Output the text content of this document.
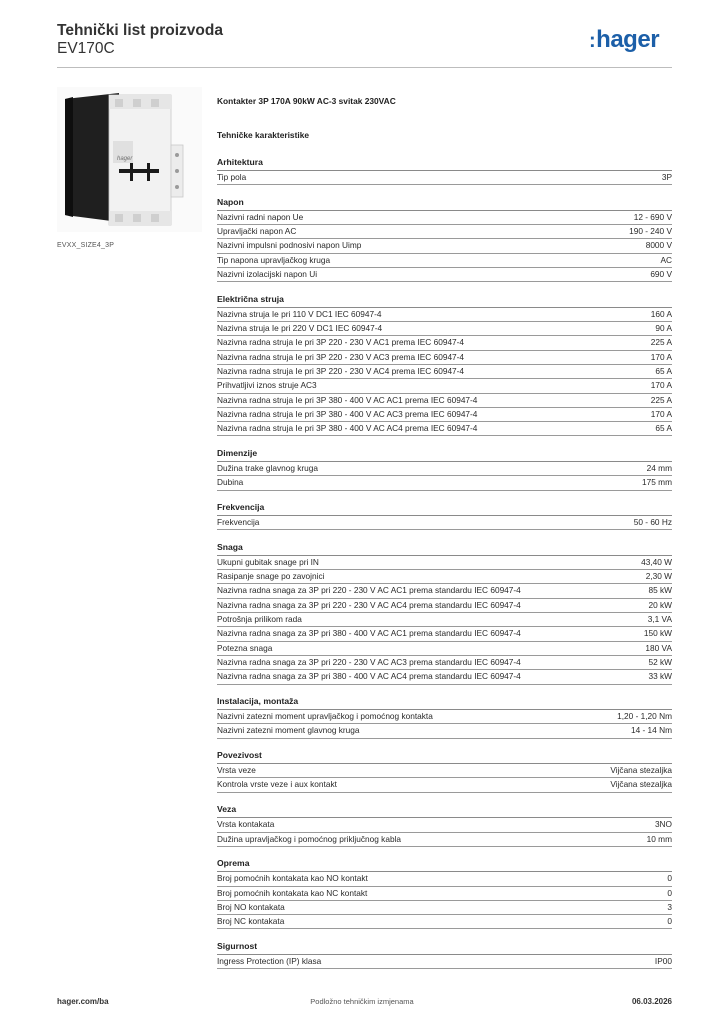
Tehnički list proizvoda
EV170C	:hager
hager
EVXX_SIZE4_3P
Kontakter 3P 170A 90kW AC-3 svitak 230VAC
Tehničke karakteristike
Arhitektura
Tip pola	3P
Napon
Nazivni radni napon Ue	12 - 690 V
Upravljački napon AC	190 - 240 V
Nazivni impulsni podnosivi napon Uimp	8000 V
Tip napona upravljačkog kruga	AC
Nazivni izolacijski napon Ui	690 V
Električna struja
Nazivna struja Ie pri 110 V DC1 IEC 60947-4	160 A
Nazivna struja Ie pri 220 V DC1 IEC 60947-4	90 A
Nazivna radna struja Ie pri 3P 220 - 230 V AC1 prema IEC 60947-4	225 A
Nazivna radna struja Ie pri 3P 220 - 230 V AC3 prema IEC 60947-4	170 A
Nazivna radna struja Ie pri 3P 220 - 230 V AC4 prema IEC 60947-4	65 A
Prihvatljivi iznos struje AC3	170 A
Nazivna radna struja Ie pri 3P 380 - 400 V AC AC1 prema IEC 60947-4	225 A
Nazivna radna struja Ie pri 3P 380 - 400 V AC AC3 prema IEC 60947-4	170 A
Nazivna radna struja Ie pri 3P 380 - 400 V AC AC4 prema IEC 60947-4	65 A
Dimenzije
Dužina trake glavnog kruga	24 mm
Dubina	175 mm
Frekvencija
Frekvencija	50 - 60 Hz
Snaga
Ukupni gubitak snage pri IN	43,40 W
Rasipanje snage po zavojnici	2,30 W
Nazivna radna snaga za 3P pri 220 - 230 V AC AC1 prema standardu IEC 60947-4	85 kW
Nazivna radna snaga za 3P pri 220 - 230 V AC AC4 prema standardu IEC 60947-4	20 kW
Potrošnja prilikom rada	3,1 VA
Nazivna radna snaga za 3P pri 380 - 400 V AC AC1 prema standardu IEC 60947-4	150 kW
Potezna snaga	180 VA
Nazivna radna snaga za 3P pri 220 - 230 V AC AC3 prema standardu IEC 60947-4	52 kW
Nazivna radna snaga za 3P pri 380 - 400 V AC AC4 prema standardu IEC 60947-4	33 kW
Instalacija, montaža
Nazivni zatezni moment upravljačkog i pomoćnog kontakta	1,20 - 1,20 Nm
Nazivni zatezni moment glavnog kruga	14 - 14 Nm
Povezivost
Vrsta veze	Vijčana stezaljka
Kontrola vrste veze i aux kontakt	Vijčana stezaljka
Veza
Vrsta kontakata	3NO
Dužina upravljačkog i pomoćnog priključnog kabla	10 mm
Oprema
Broj pomoćnih kontakata kao NO kontakt	0
Broj pomoćnih kontakata kao NC kontakt	0
Broj NO kontakata	3
Broj NC kontakata	0
Sigurnost
Ingress Protection (IP) klasa	IP00
hager.com/ba	Podložno tehničkim izmjenama	06.03.2026
